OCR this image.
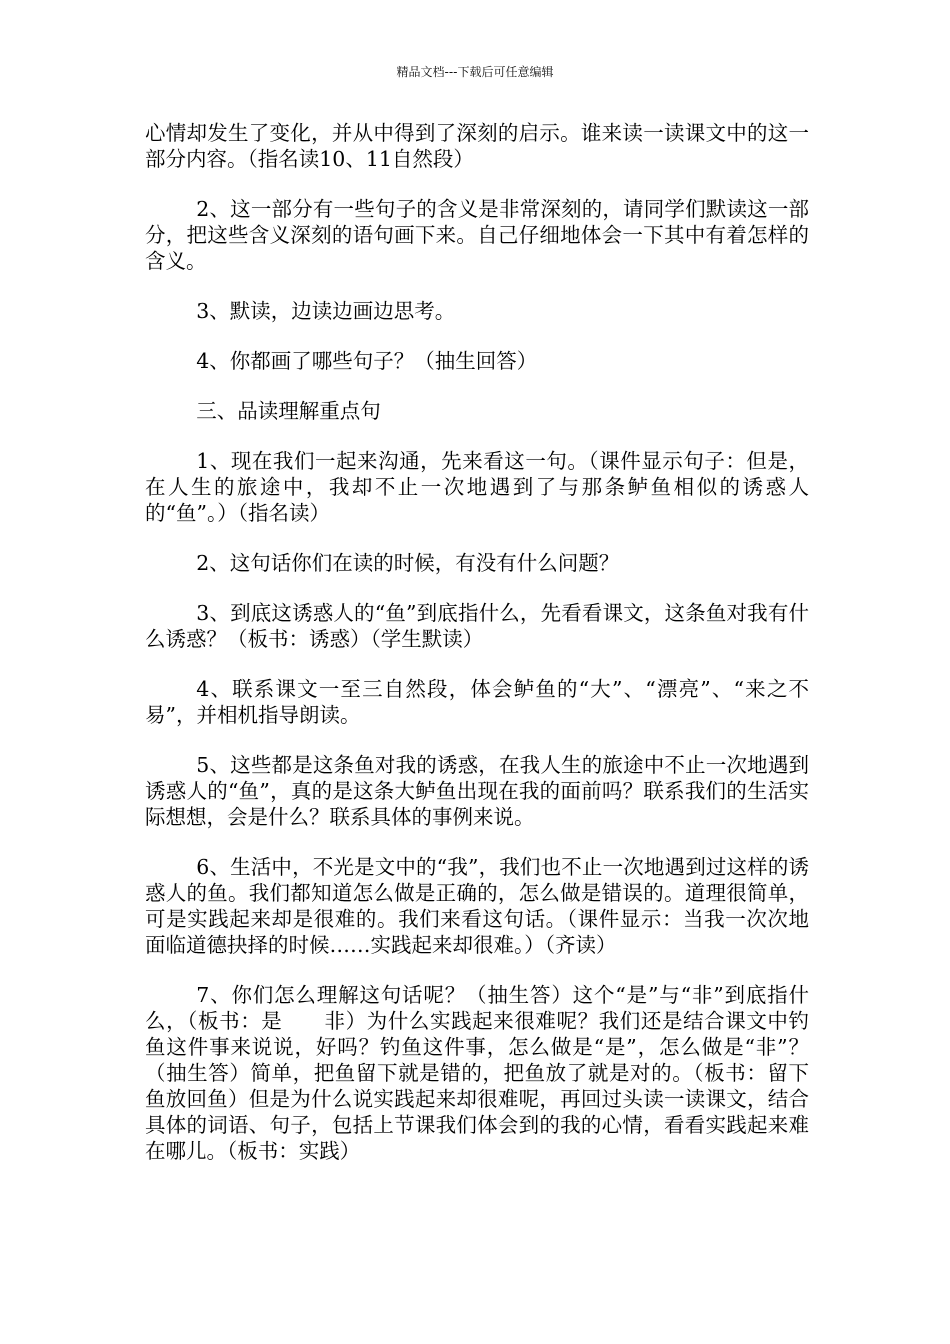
精品文档---下载后可任意编辑

心情却发生了变化，并从中得到了深刻的启示。谁来读一读课文中的这一部分内容。（指名读10、11自然段）

2、这一部分有一些句子的含义是非常深刻的，请同学们默读这一部分，把这些含义深刻的语句画下来。自己仔细地体会一下其中有着怎样的含义。

3、默读，边读边画边思考。

4、你都画了哪些句子？（抽生回答）

三、品读理解重点句

1、现在我们一起来沟通，先来看这一句。（课件显示句子：但是，在人生的旅途中，我却不止一次地遇到了与那条鲈鱼相似的诱惑人的“鱼”。）（指名读）

2、这句话你们在读的时候，有没有什么问题？

3、到底这诱惑人的“鱼”到底指什么，先看看课文，这条鱼对我有什么诱惑？（板书：诱惑）（学生默读）

4、联系课文一至三自然段，体会鲈鱼的“大”、“漂亮”、“来之不易”，并相机指导朗读。

5、这些都是这条鱼对我的诱惑，在我人生的旅途中不止一次地遇到诱惑人的“鱼”，真的是这条大鲈鱼出现在我的面前吗？联系我们的生活实际想想，会是什么？联系具体的事例来说。

6、生活中，不光是文中的“我”，我们也不止一次地遇到过这样的诱惑人的鱼。我们都知道怎么做是正确的，怎么做是错误的。道理很简单，可是实践起来却是很难的。我们来看这句话。（课件显示：当我一次次地面临道德抉择的时候……实践起来却很难。）（齐读）

7、你们怎么理解这句话呢？（抽生答）这个“是”与“非”到底指什么，（板书：是　　非）为什么实践起来很难呢？我们还是结合课文中钓鱼这件事来说说，好吗？钓鱼这件事，怎么做是“是”，怎么做是“非”？（抽生答）简单，把鱼留下就是错的，把鱼放了就是对的。（板书：留下鱼放回鱼）但是为什么说实践起来却很难呢，再回过头读一读课文，结合具体的词语、句子，包括上节课我们体会到的我的心情，看看实践起来难在哪儿。（板书：实践）
